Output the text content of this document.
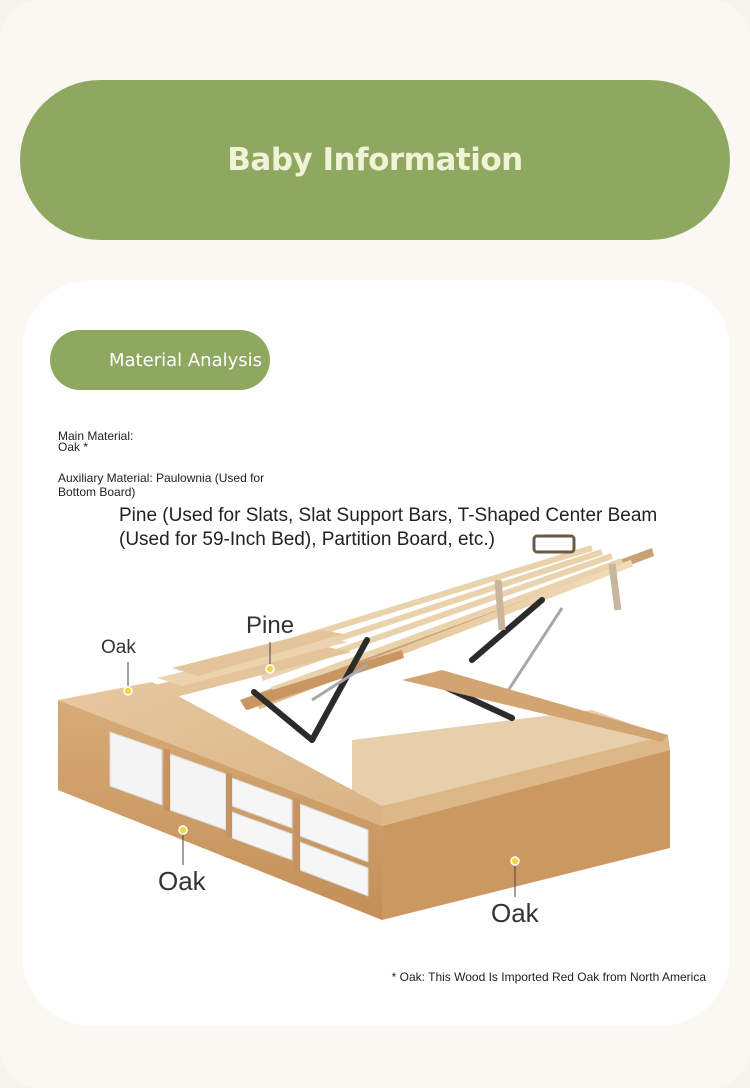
Baby Information
Material Analysis
Main Material:
Oak *
Auxiliary Material: Paulownia (Used for
Bottom Board)
Pine (Used for Slats, Slat Support Bars, T-Shaped Center Beam (Used for 59-Inch Bed), Partition Board, etc.)
Oak
Pine
Oak
Oak
* Oak: This Wood Is Imported Red Oak from North America
